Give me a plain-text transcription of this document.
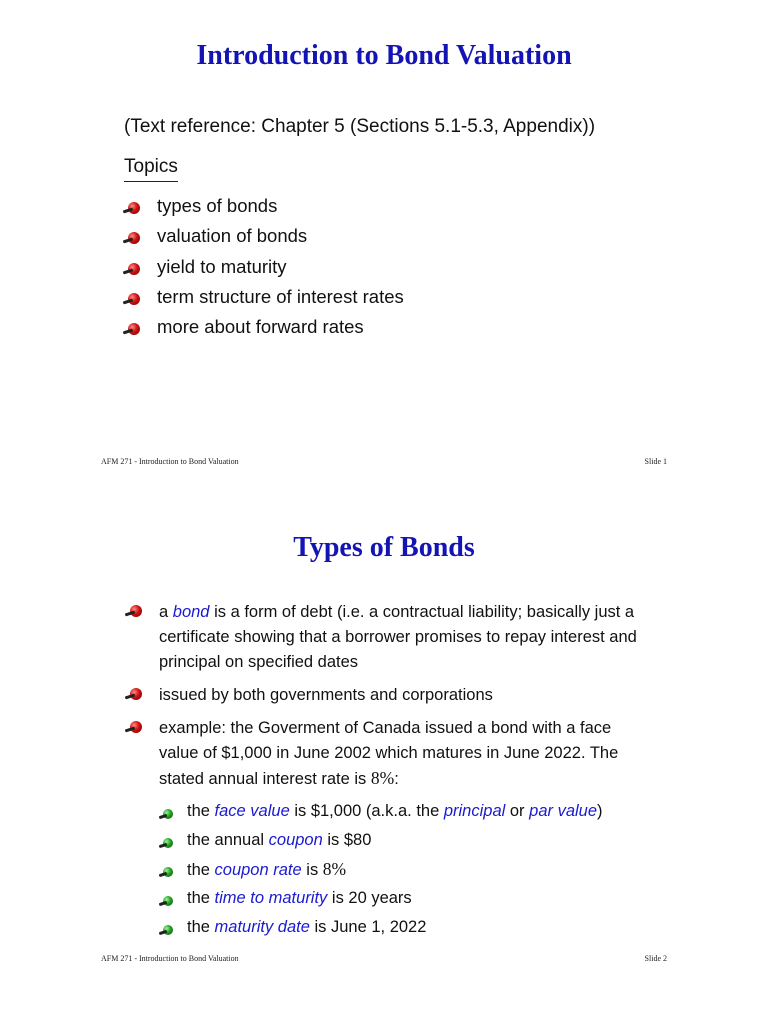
Introduction to Bond Valuation
(Text reference: Chapter 5 (Sections 5.1-5.3, Appendix))
Topics
types of bonds
valuation of bonds
yield to maturity
term structure of interest rates
more about forward rates
AFM 271 - Introduction to Bond Valuation	Slide 1
Types of Bonds
a bond is a form of debt (i.e. a contractual liability; basically just a certificate showing that a borrower promises to repay interest and principal on specified dates
issued by both governments and corporations
example: the Goverment of Canada issued a bond with a face value of $1,000 in June 2002 which matures in June 2022. The stated annual interest rate is 8%:
the face value is $1,000 (a.k.a. the principal or par value)
the annual coupon is $80
the coupon rate is 8%
the time to maturity is 20 years
the maturity date is June 1, 2022
AFM 271 - Introduction to Bond Valuation	Slide 2
